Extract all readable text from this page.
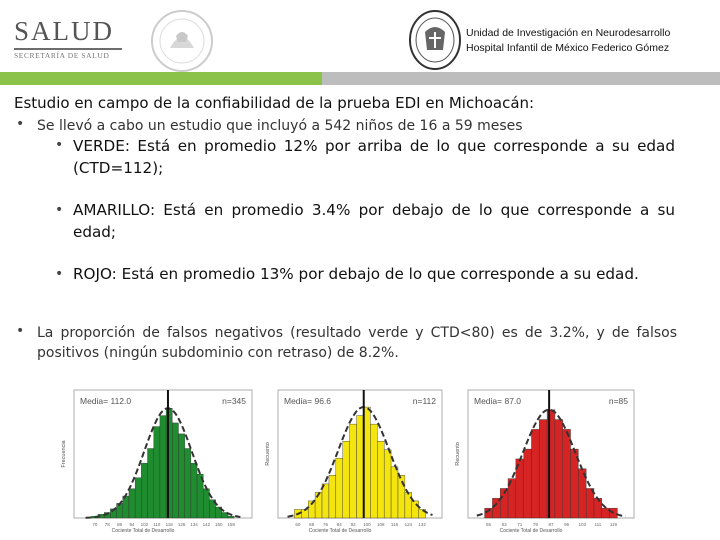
SALUD
SECRETARÍA DE SALUD
Unidad de Investigación en Neurodesarrollo
Hospital Infantil de México Federico Gómez
Estudio en campo de la confiabilidad de la prueba EDI en Michoacán:
• Se llevó a cabo un estudio que incluyó a 542 niños de 16 a 59 meses
• VERDE: Está en promedio 12% por arriba de lo que corresponde a su edad (CTD=112);
• AMARILLO: Está en promedio 3.4% por debajo de lo que corresponde a su edad;
• ROJO: Está en promedio 13% por debajo de lo que corresponde a su edad.
• La proporción de falsos negativos (resultado verde y CTD<80) es de 3.2%, y de falsos positivos (ningún subdominio con retraso) de 8.2%.
Media= 112.0	n=345
Frecuencia
Cociente Total de Desarrollo
70 78 86 94 102 110 118 126 134 142 150 158
Media= 96.6	n=112
Recuento
Cociente Total de Desarrollo
60 68 76 84 92 100 108 116 124 132
Media= 87.0	n=85
Recuento
Cociente Total de Desarrollo
55 63 71 79 87 95 103 111 119
